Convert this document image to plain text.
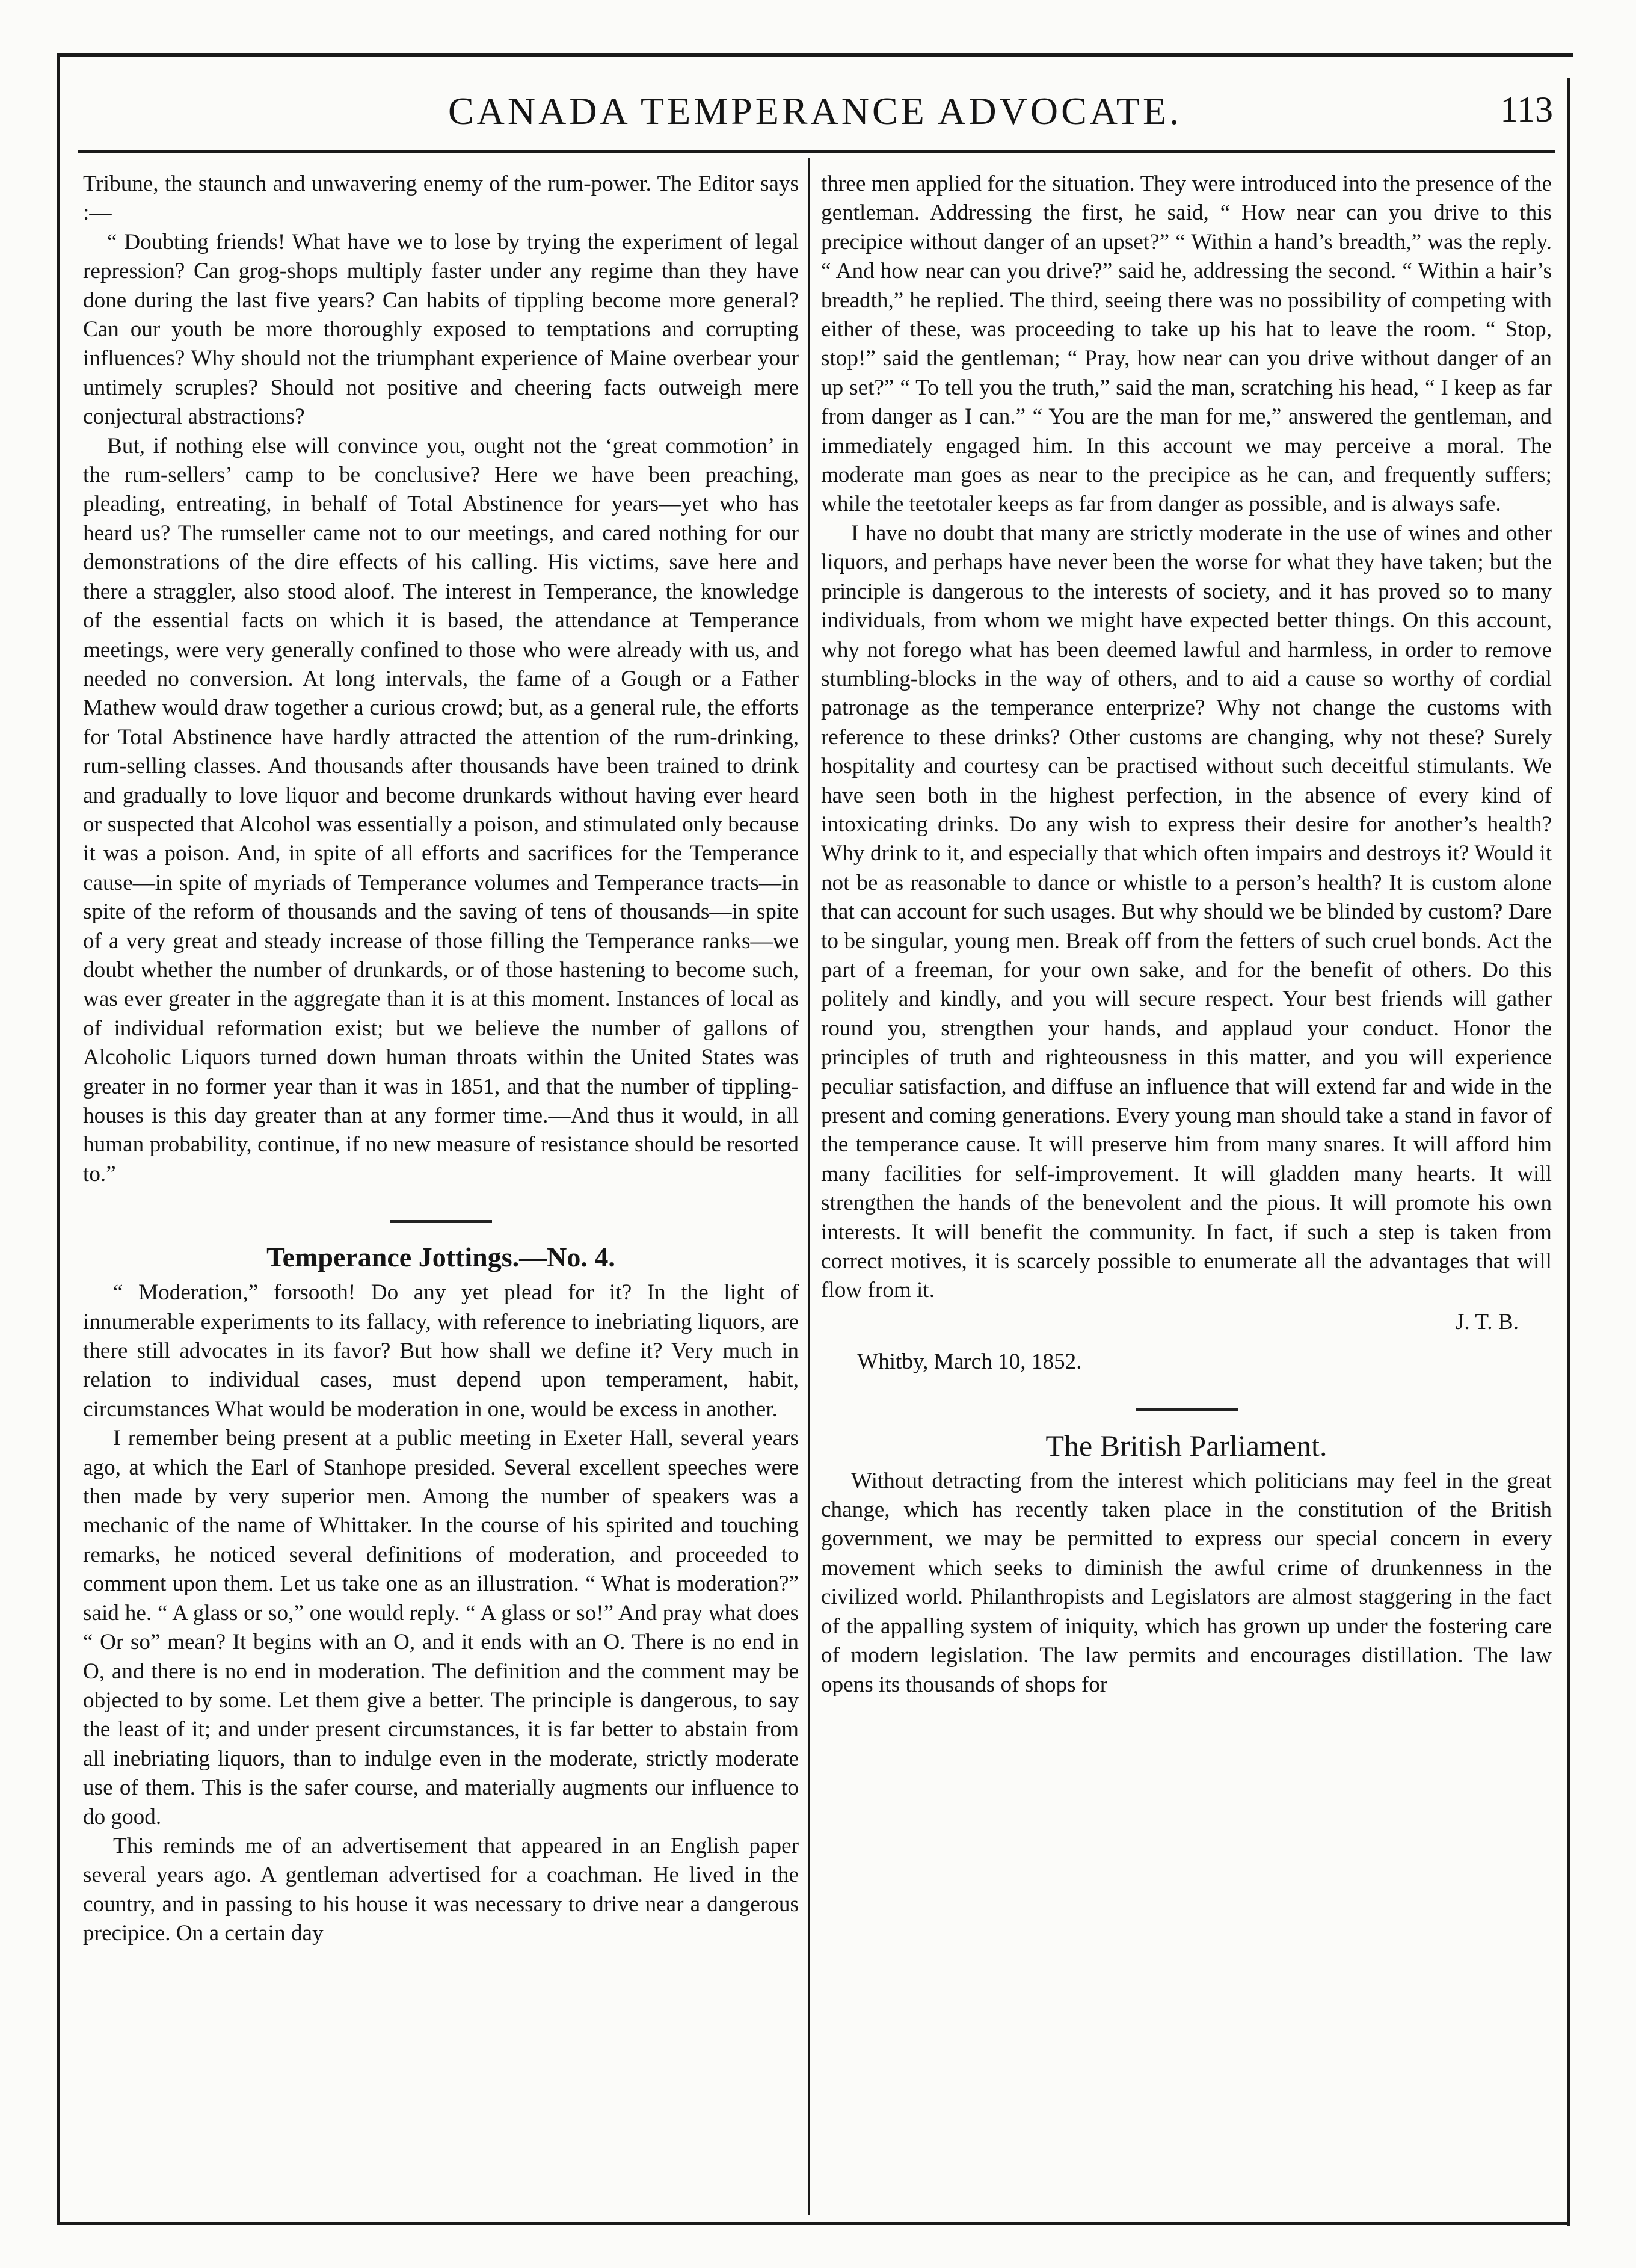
CANADA TEMPERANCE ADVOCATE.	113

Tribune, the staunch and unwavering enemy of the rum-power. The Editor says :—

“ Doubting friends! What have we to lose by trying the experiment of legal repression? Can grog-shops multiply faster under any regime than they have done during the last five years? Can habits of tippling become more general? Can our youth be more thoroughly exposed to temptations and corrupting influences? Why should not the triumphant experience of Maine overbear your untimely scruples? Should not positive and cheering facts outweigh mere conjectural abstractions?

But, if nothing else will convince you, ought not the ‘great commotion’ in the rum-sellers’ camp to be conclusive? Here we have been preaching, pleading, entreating, in behalf of Total Abstinence for years—yet who has heard us? The rumseller came not to our meetings, and cared nothing for our demonstrations of the dire effects of his calling. His victims, save here and there a straggler, also stood aloof. The interest in Temperance, the knowledge of the essential facts on which it is based, the attendance at Temperance meetings, were very generally confined to those who were already with us, and needed no conversion. At long intervals, the fame of a Gough or a Father Mathew would draw together a curious crowd; but, as a general rule, the efforts for Total Abstinence have hardly attracted the attention of the rum-drinking, rum-selling classes. And thousands after thousands have been trained to drink and gradually to love liquor and become drunkards without having ever heard or suspected that Alcohol was essentially a poison, and stimulated only because it was a poison. And, in spite of all efforts and sacrifices for the Temperance cause—in spite of myriads of Temperance volumes and Temperance tracts—in spite of the reform of thousands and the saving of tens of thousands—in spite of a very great and steady increase of those filling the Temperance ranks—we doubt whether the number of drunkards, or of those hastening to become such, was ever greater in the aggregate than it is at this moment. Instances of local as of individual reformation exist; but we believe the number of gallons of Alcoholic Liquors turned down human throats within the United States was greater in no former year than it was in 1851, and that the number of tippling-houses is this day greater than at any former time.—And thus it would, in all human probability, continue, if no new measure of resistance should be resorted to.”

Temperance Jottings.—No. 4.

“ Moderation,” forsooth! Do any yet plead for it? In the light of innumerable experiments to its fallacy, with reference to inebriating liquors, are there still advocates in its favor? But how shall we define it? Very much in relation to individual cases, must depend upon temperament, habit, circumstances What would be moderation in one, would be excess in another.

I remember being present at a public meeting in Exeter Hall, several years ago, at which the Earl of Stanhope presided. Several excellent speeches were then made by very superior men. Among the number of speakers was a mechanic of the name of Whittaker. In the course of his spirited and touching remarks, he noticed several definitions of moderation, and proceeded to comment upon them. Let us take one as an illustration. “ What is moderation?” said he. “ A glass or so,” one would reply. “ A glass or so!” And pray what does “ Or so” mean? It begins with an O, and it ends with an O. There is no end in O, and there is no end in moderation. The definition and the comment may be objected to by some. Let them give a better. The principle is dangerous, to say the least of it; and under present circumstances, it is far better to abstain from all inebriating liquors, than to indulge even in the moderate, strictly moderate use of them. This is the safer course, and materially augments our influence to do good.

This reminds me of an advertisement that appeared in an English paper several years ago. A gentleman advertised for a coachman. He lived in the country, and in passing to his house it was necessary to drive near a dangerous precipice. On a certain day

three men applied for the situation. They were introduced into the presence of the gentleman. Addressing the first, he said, “ How near can you drive to this precipice without danger of an upset?” “ Within a hand’s breadth,” was the reply. “ And how near can you drive?” said he, addressing the second. “ Within a hair’s breadth,” he replied. The third, seeing there was no possibility of competing with either of these, was proceeding to take up his hat to leave the room. “ Stop, stop!” said the gentleman; “ Pray, how near can you drive without danger of an up set?” “ To tell you the truth,” said the man, scratching his head, “ I keep as far from danger as I can.” “ You are the man for me,” answered the gentleman, and immediately engaged him. In this account we may perceive a moral. The moderate man goes as near to the precipice as he can, and frequently suffers; while the teetotaler keeps as far from danger as possible, and is always safe.

I have no doubt that many are strictly moderate in the use of wines and other liquors, and perhaps have never been the worse for what they have taken; but the principle is dangerous to the interests of society, and it has proved so to many individuals, from whom we might have expected better things. On this account, why not forego what has been deemed lawful and harmless, in order to remove stumbling-blocks in the way of others, and to aid a cause so worthy of cordial patronage as the temperance enterprize? Why not change the customs with reference to these drinks? Other customs are changing, why not these? Surely hospitality and courtesy can be practised without such deceitful stimulants. We have seen both in the highest perfection, in the absence of every kind of intoxicating drinks. Do any wish to express their desire for another’s health? Why drink to it, and especially that which often impairs and destroys it? Would it not be as reasonable to dance or whistle to a person’s health? It is custom alone that can account for such usages. But why should we be blinded by custom? Dare to be singular, young men. Break off from the fetters of such cruel bonds. Act the part of a freeman, for your own sake, and for the benefit of others. Do this politely and kindly, and you will secure respect. Your best friends will gather round you, strengthen your hands, and applaud your conduct. Honor the principles of truth and righteousness in this matter, and you will experience peculiar satisfaction, and diffuse an influence that will extend far and wide in the present and coming generations. Every young man should take a stand in favor of the temperance cause. It will preserve him from many snares. It will afford him many facilities for self-improvement. It will gladden many hearts. It will strengthen the hands of the benevolent and the pious. It will promote his own interests. It will benefit the community. In fact, if such a step is taken from correct motives, it is scarcely possible to enumerate all the advantages that will flow from it.

J. T. B.

Whitby, March 10, 1852.

The British Parliament.

Without detracting from the interest which politicians may feel in the great change, which has recently taken place in the constitution of the British government, we may be permitted to express our special concern in every movement which seeks to diminish the awful crime of drunkenness in the civilized world. Philanthropists and Legislators are almost staggering in the fact of the appalling system of iniquity, which has grown up under the fostering care of modern legislation. The law permits and encourages distillation. The law opens its thousands of shops for
